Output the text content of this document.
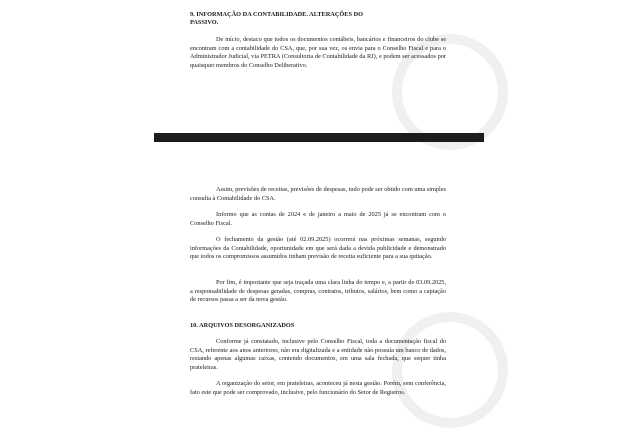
9. INFORMAÇÃO DA CONTABILIDADE. ALTERAÇÕES DO

PASSIVO.

De início, destaco que todos os documentos contábeis, bancários e financeiros do clube se encontram com a contabilidade do CSA, que, por sua vez, os envia para o Conselho Fiscal e para o Administrador Judicial, via PETRA (Consultoria de Contabilidade da RJ), e podem ser acessados por quaisquer membros do Conselho Deliberativo.

Assim, previsões de receitas, previsões de despesas, tudo pode ser obtido com uma simples consulta à Contabilidade do CSA.

Informo que as contas de 2024 e de janeiro a maio de 2025 já se encontram com o Conselho Fiscal.

O fechamento da gestão (até 02.09.2025) ocorrerá nas próximas semanas, segundo informações da Contabilidade, oportunidade em que será dada a devida publicidade e demonstrado que todos os compromissos assumidos tinham previsão de receita suficiente para a sua quitação.

Por fim, é importante que seja traçada uma clara linha do tempo e, a partir de 03.09.2025, a responsabilidade de despesas geradas, compras, contratos, tributos, salários, bem como a captação de recursos passa a ser da nova gestão.

10. ARQUIVOS DESORGANIZADOS

Conforme já constatado, inclusive pelo Conselho Fiscal, toda a documentação fiscal do CSA, referente aos anos anteriores, não era digitalizada e a entidade não possuía um banco de dados, restando apenas algumas caixas, contendo documentos, em uma sala fechada, que sequer tinha prateleiras.

A organização do setor, em prateleiras, aconteceu já nesta gestão. Porém, sem conferência, fato este que pode ser comprovado, inclusive, pelo funcionário do Setor de Registros.
